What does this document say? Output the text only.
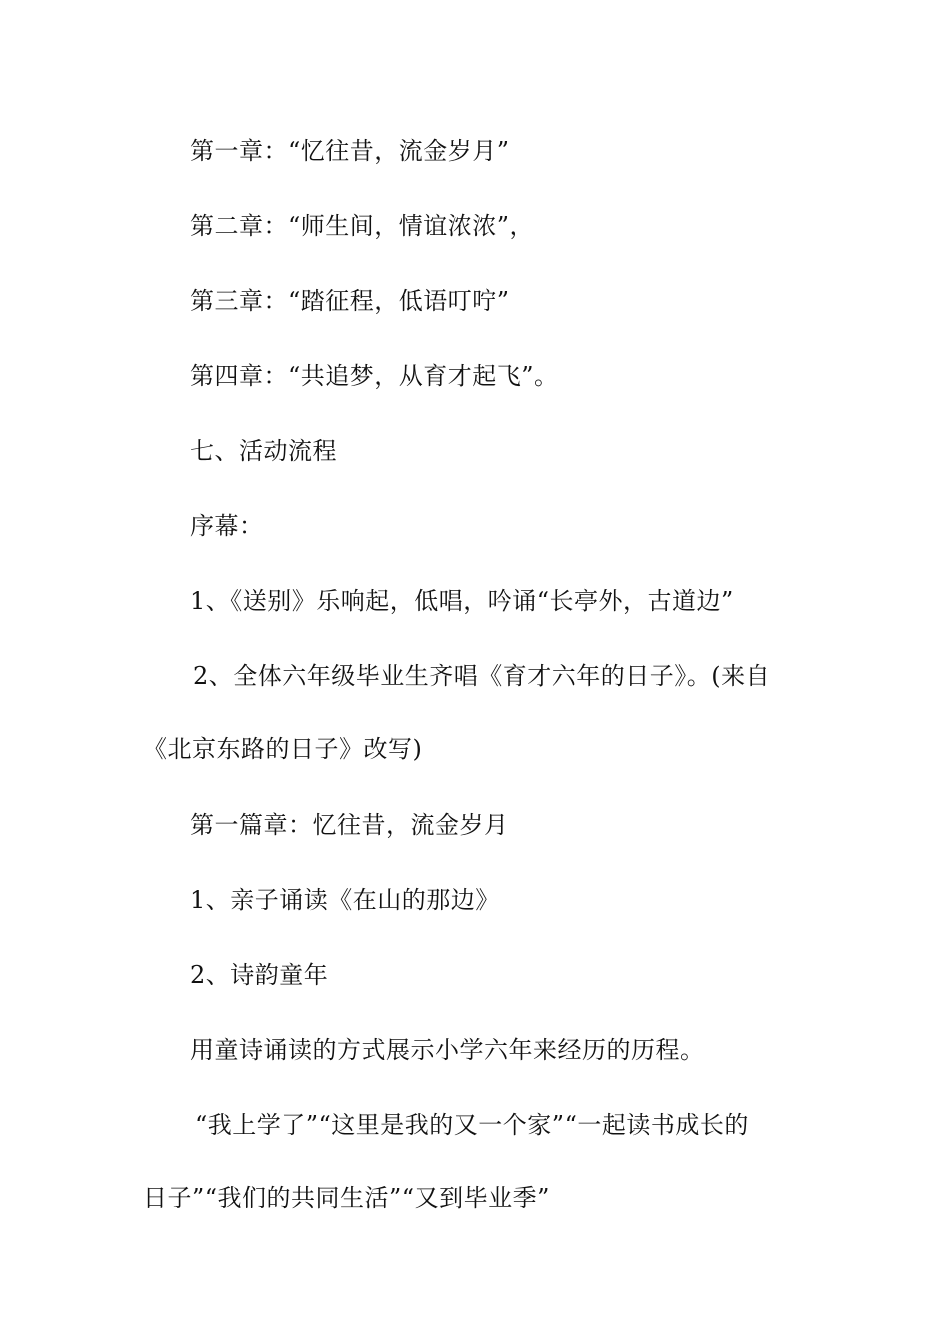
第一章：“忆往昔，流金岁月”
第二章：“师生间，情谊浓浓”，
第三章：“踏征程，低语叮咛”
第四章：“共追梦，从育才起飞”。
七、活动流程
序幕：
1、《送别》乐响起，低唱，吟诵“长亭外，古道边”
2、全体六年级毕业生齐唱《育才六年的日子》。(来自
《北京东路的日子》改写)
第一篇章：忆往昔，流金岁月
1、亲子诵读《在山的那边》
2、诗韵童年
用童诗诵读的方式展示小学六年来经历的历程。
“我上学了”“这里是我的又一个家”“一起读书成长的
日子”“我们的共同生活”“又到毕业季”
